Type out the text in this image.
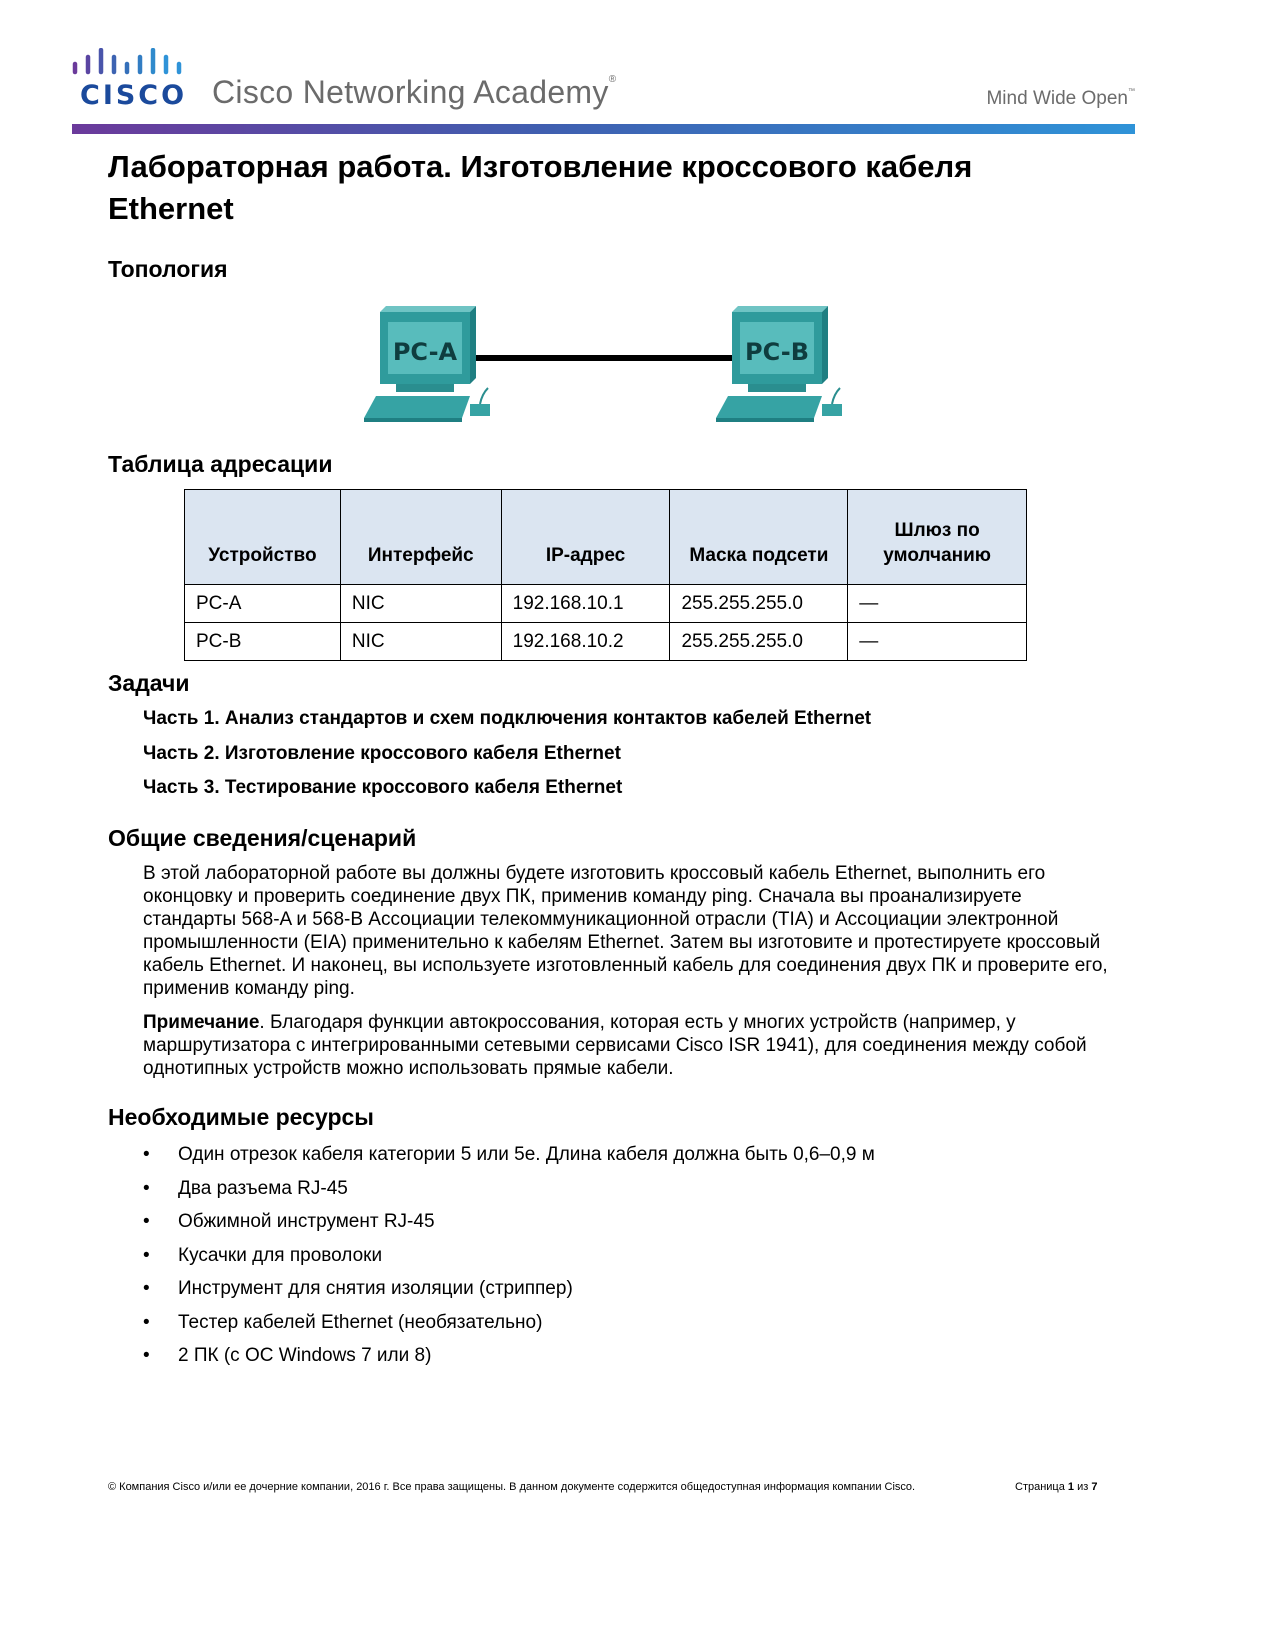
CISCO Cisco Networking Academy®
Mind Wide Open™
Лабораторная работа. Изготовление кроссового кабеля Ethernet
Топология
PC-A	PC-B
Таблица адресации
Устройство	Интерфейс	IP-адрес	Маска подсети	Шлюз по умолчанию
PC-A	NIC	192.168.10.1	255.255.255.0	—
PC-B	NIC	192.168.10.2	255.255.255.0	—
Задачи
Часть 1. Анализ стандартов и схем подключения контактов кабелей Ethernet
Часть 2. Изготовление кроссового кабеля Ethernet
Часть 3. Тестирование кроссового кабеля Ethernet
Общие сведения/сценарий

В этой лабораторной работе вы должны будете изготовить кроссовый кабель Ethernet, выполнить его оконцовку и проверить соединение двух ПК, применив команду ping. Сначала вы проанализируете стандарты 568-A и 568-B Ассоциации телекоммуникационной отрасли (TIA) и Ассоциации электронной промышленности (EIA) применительно к кабелям Ethernet. Затем вы изготовите и протестируете кроссовый кабель Ethernet. И наконец, вы используете изготовленный кабель для соединения двух ПК и проверите его, применив команду ping.

Примечание. Благодаря функции автокроссования, которая есть у многих устройств (например, у маршрутизатора с интегрированными сетевыми сервисами Cisco ISR 1941), для соединения между собой однотипных устройств можно использовать прямые кабели.

Необходимые ресурсы
• Один отрезок кабеля категории 5 или 5e. Длина кабеля должна быть 0,6–0,9 м
• Два разъема RJ-45
• Обжимной инструмент RJ-45
• Кусачки для проволоки
• Инструмент для снятия изоляции (стриппер)
• Тестер кабелей Ethernet (необязательно)
• 2 ПК (с ОС Windows 7 или 8)
© Компания Cisco и/или ее дочерние компании, 2016 г. Все права защищены. В данном документе содержится общедоступная информация компании Cisco.	Страница 1 из 7
